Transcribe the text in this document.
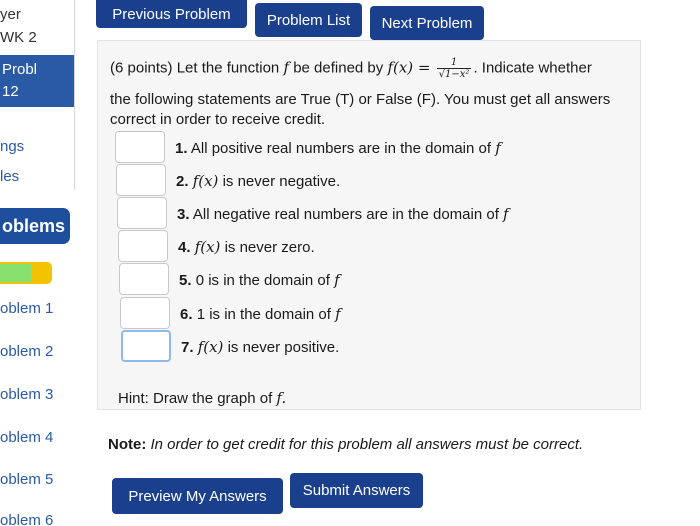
yer
WK 2
Probl
12
ngs
les
oblems
oblem 1
oblem 2
oblem 3
oblem 4
oblem 5
oblem 6
Previous Problem	Problem List	Next Problem
(6 points) Let the function f be defined by $f(x) = \frac{1}{\text{√1−x²}}$ . Indicate whether
the following statements are True (T) or False (F). You must get all answers
correct in order to receive credit.
1. All positive real numbers are in the domain of f
2. f(x) is never negative.
3. All negative real numbers are in the domain of f
4. f(x) is never zero.
5. 0 is in the domain of f
6. 1 is in the domain of f
7. f(x) is never positive.
Hint: Draw the graph of f.
Note: In order to get credit for this problem all answers must be correct.
Preview My Answers	Submit Answers
